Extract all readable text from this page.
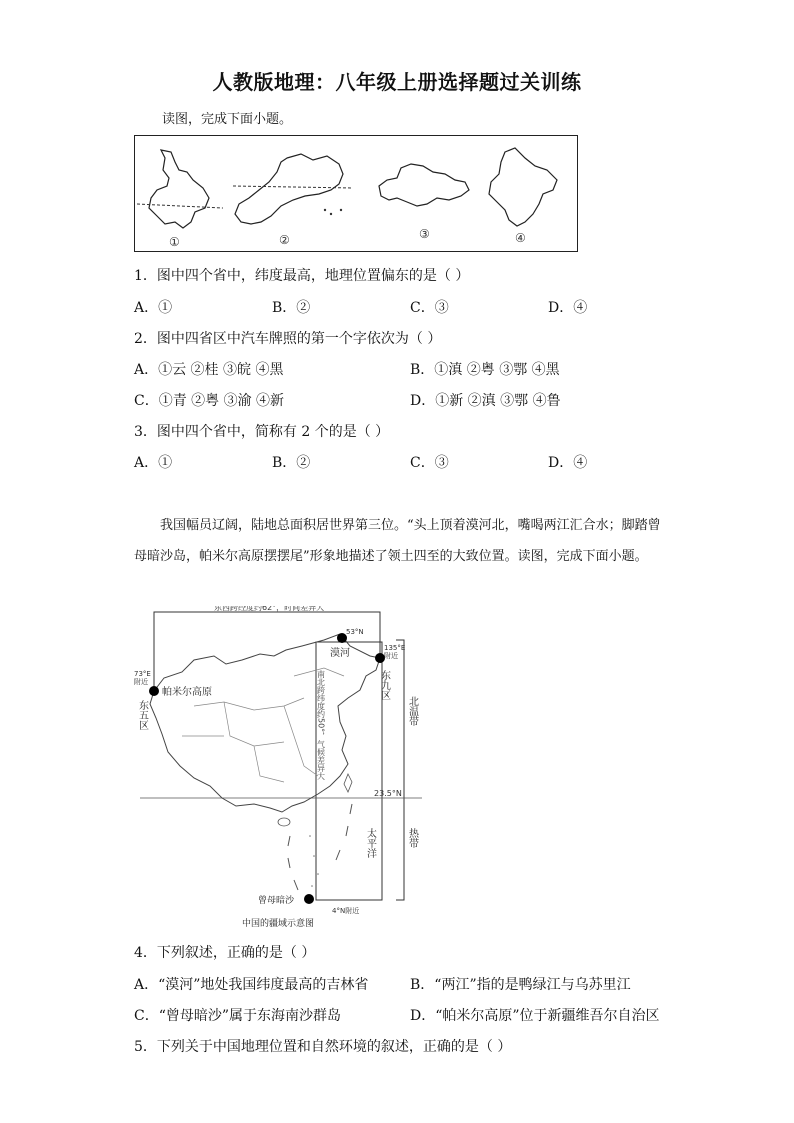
人教版地理：八年级上册选择题过关训练
读图，完成下面小题。
①	②	③	④
1．图中四个省中，纬度最高，地理位置偏东的是（ ）
A．①	B．②	C．③	D．④
2．图中四省区中汽车牌照的第一个字依次为（ ）
A．①云 ②桂 ③皖 ④黑	B．①滇 ②粤 ③鄂 ④黑
C．①青 ②粤 ③渝 ④新	D．①新 ②滇 ③鄂 ④鲁
3．图中四个省中，简称有 2 个的是（ ）
A．①	B．②	C．③	D．④
我国幅员辽阔，陆地总面积居世界第三位。“头上顶着漠河北，嘴喝两江汇合水；脚踏曾母暗沙岛，帕米尔高原摆摆尾”形象地描述了领土四至的大致位置。读图，完成下面小题。
东西跨经度约62°，时间差异大
53°N
漠河	135°E
附近
东九区
73°E
附近
帕米尔高原
东五区	南北跨纬度约50°，气候差异大	北温带
23.5°N
热带
太平洋
曾母暗沙
4°N附近
中国的疆域示意图
4．下列叙述，正确的是（ ）
A．“漠河”地处我国纬度最高的吉林省	B．“两江”指的是鸭绿江与乌苏里江
C．“曾母暗沙”属于东海南沙群岛	D．“帕米尔高原”位于新疆维吾尔自治区
5．下列关于中国地理位置和自然环境的叙述，正确的是（ ）
